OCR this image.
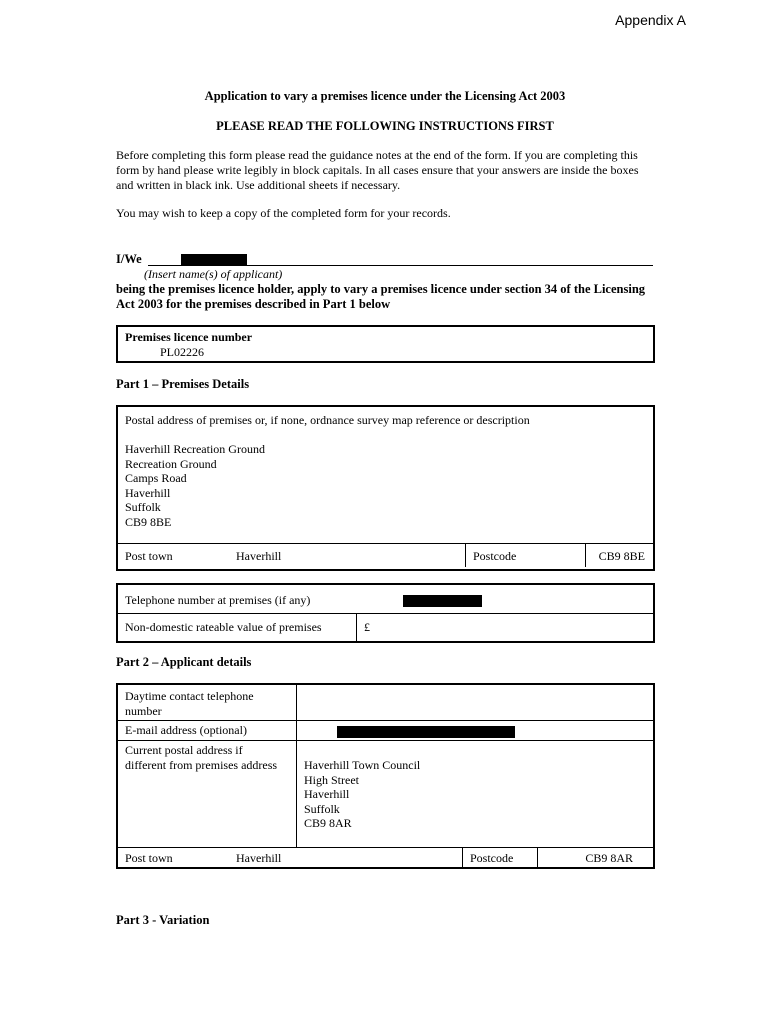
Appendix A
Application to vary a premises licence under the Licensing Act 2003
PLEASE READ THE FOLLOWING INSTRUCTIONS FIRST
Before completing this form please read the guidance notes at the end of the form. If you are completing this form by hand please write legibly in block capitals. In all cases ensure that your answers are inside the boxes and written in black ink. Use additional sheets if necessary.
You may wish to keep a copy of the completed form for your records.
I/We
(Insert name(s) of applicant)
being the premises licence holder, apply to vary a premises licence under section 34 of the Licensing Act 2003 for the premises described in Part 1 below
Premises licence number
PL02226
Part 1 – Premises Details
Postal address of premises or, if none, ordnance survey map reference or description
Haverhill Recreation Ground
Recreation Ground
Camps Road
Haverhill
Suffolk
CB9 8BE
Post town	Haverhill	Postcode	CB9 8BE
Telephone number at premises (if any)
Non-domestic rateable value of premises	£
Part 2 – Applicant details
Daytime contact telephone number
E-mail address (optional)
Current postal address if different from premises address	Haverhill Town Council
High Street
Haverhill
Suffolk
CB9 8AR
Post town	Haverhill	Postcode	CB9 8AR
Part 3 - Variation
